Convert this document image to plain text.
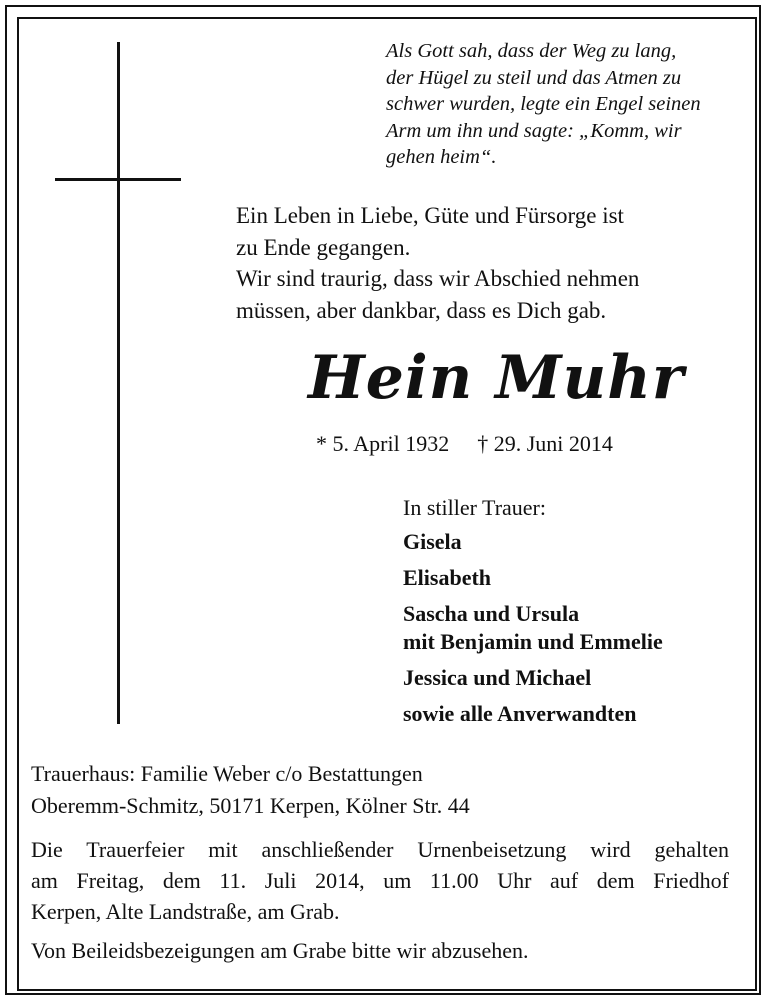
Als Gott sah, dass der Weg zu lang,
der Hügel zu steil und das Atmen zu
schwer wurden, legte ein Engel seinen
Arm um ihn und sagte: „Komm, wir
gehen heim“.
Ein Leben in Liebe, Güte und Fürsorge ist
zu Ende gegangen.
Wir sind traurig, dass wir Abschied nehmen
müssen, aber dankbar, dass es Dich gab.
Hein Muhr
* 5. April 1932 † 29. Juni 2014
In stiller Trauer:
Gisela
Elisabeth
Sascha und Ursula
mit Benjamin und Emmelie
Jessica und Michael
sowie alle Anverwandten
Trauerhaus: Familie Weber c/o Bestattungen
Oberemm-Schmitz, 50171 Kerpen, Kölner Str. 44
Die Trauerfeier mit anschließender Urnenbeisetzung wird gehalten
am Freitag, dem 11. Juli 2014, um 11.00 Uhr auf dem Friedhof
Kerpen, Alte Landstraße, am Grab.
Von Beileidsbezeigungen am Grabe bitte wir abzusehen.
